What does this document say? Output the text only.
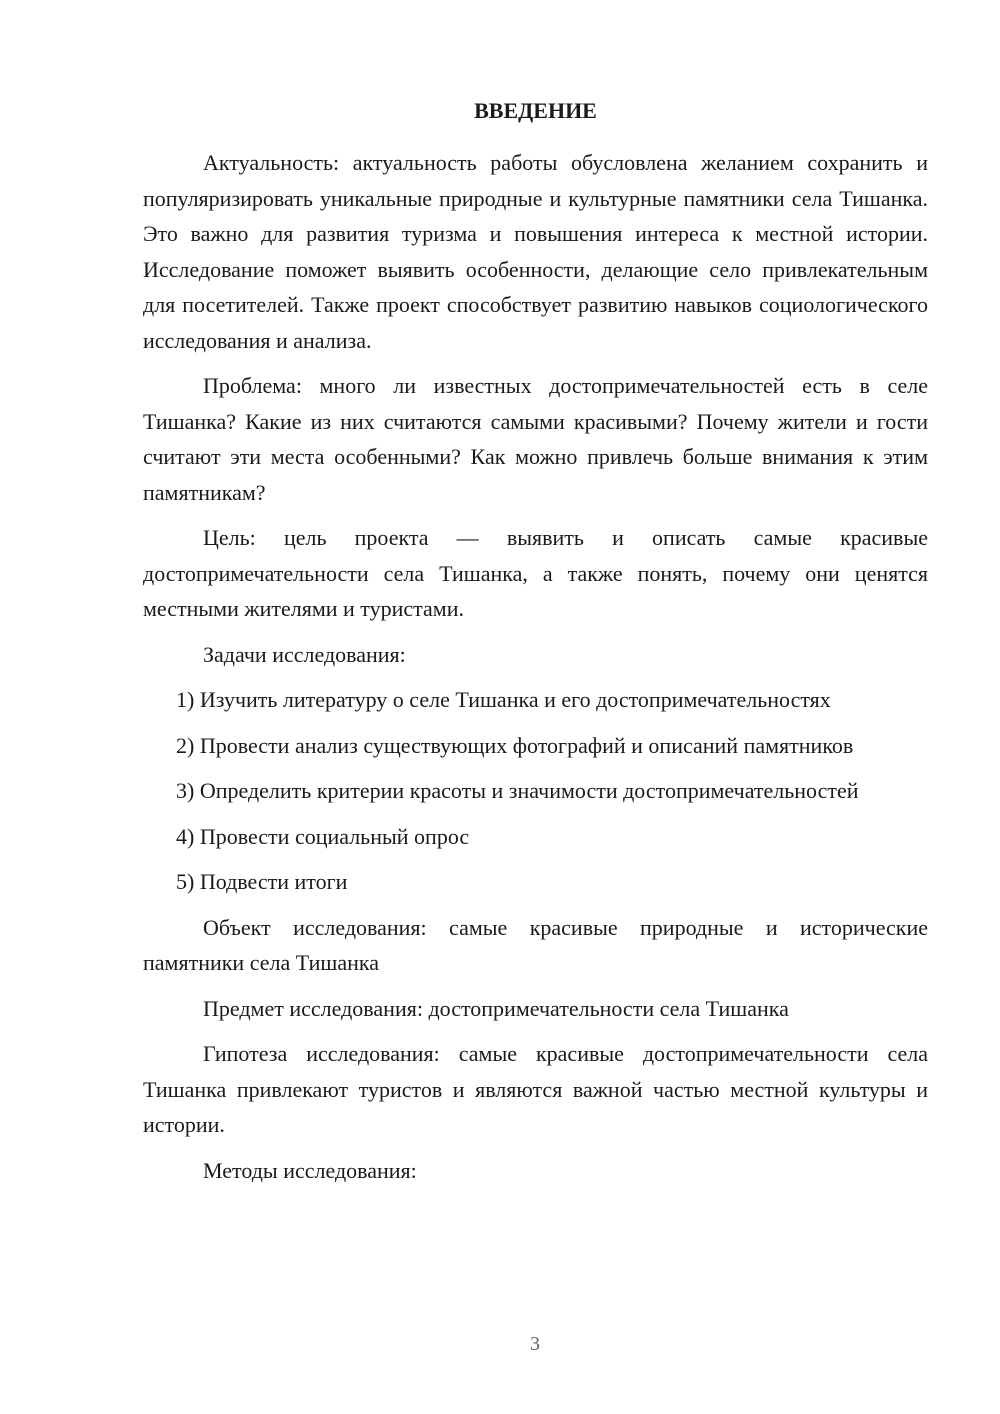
ВВЕДЕНИЕ

Актуальность: актуальность работы обусловлена желанием сохранить и популяризировать уникальные природные и культурные памятники села Тишанка. Это важно для развития туризма и повышения интереса к местной истории. Исследование поможет выявить особенности, делающие село привлекательным для посетителей. Также проект способствует развитию навыков социологического исследования и анализа.

Проблема: много ли известных достопримечательностей есть в селе Тишанка? Какие из них считаются самыми красивыми? Почему жители и гости считают эти места особенными? Как можно привлечь больше внимания к этим памятникам?

Цель: цель проекта — выявить и описать самые красивые достопримечательности села Тишанка, а также понять, почему они ценятся местными жителями и туристами.

Задачи исследования:

1) Изучить литературу о селе Тишанка и его достопримечательностях

2) Провести анализ существующих фотографий и описаний памятников

3) Определить критерии красоты и значимости достопримечательностей

4) Провести социальный опрос

5) Подвести итоги

Объект исследования: самые красивые природные и исторические памятники села Тишанка

Предмет исследования: достопримечательности села Тишанка

Гипотеза исследования: самые красивые достопримечательности села Тишанка привлекают туристов и являются важной частью местной культуры и истории.

Методы исследования:

3
